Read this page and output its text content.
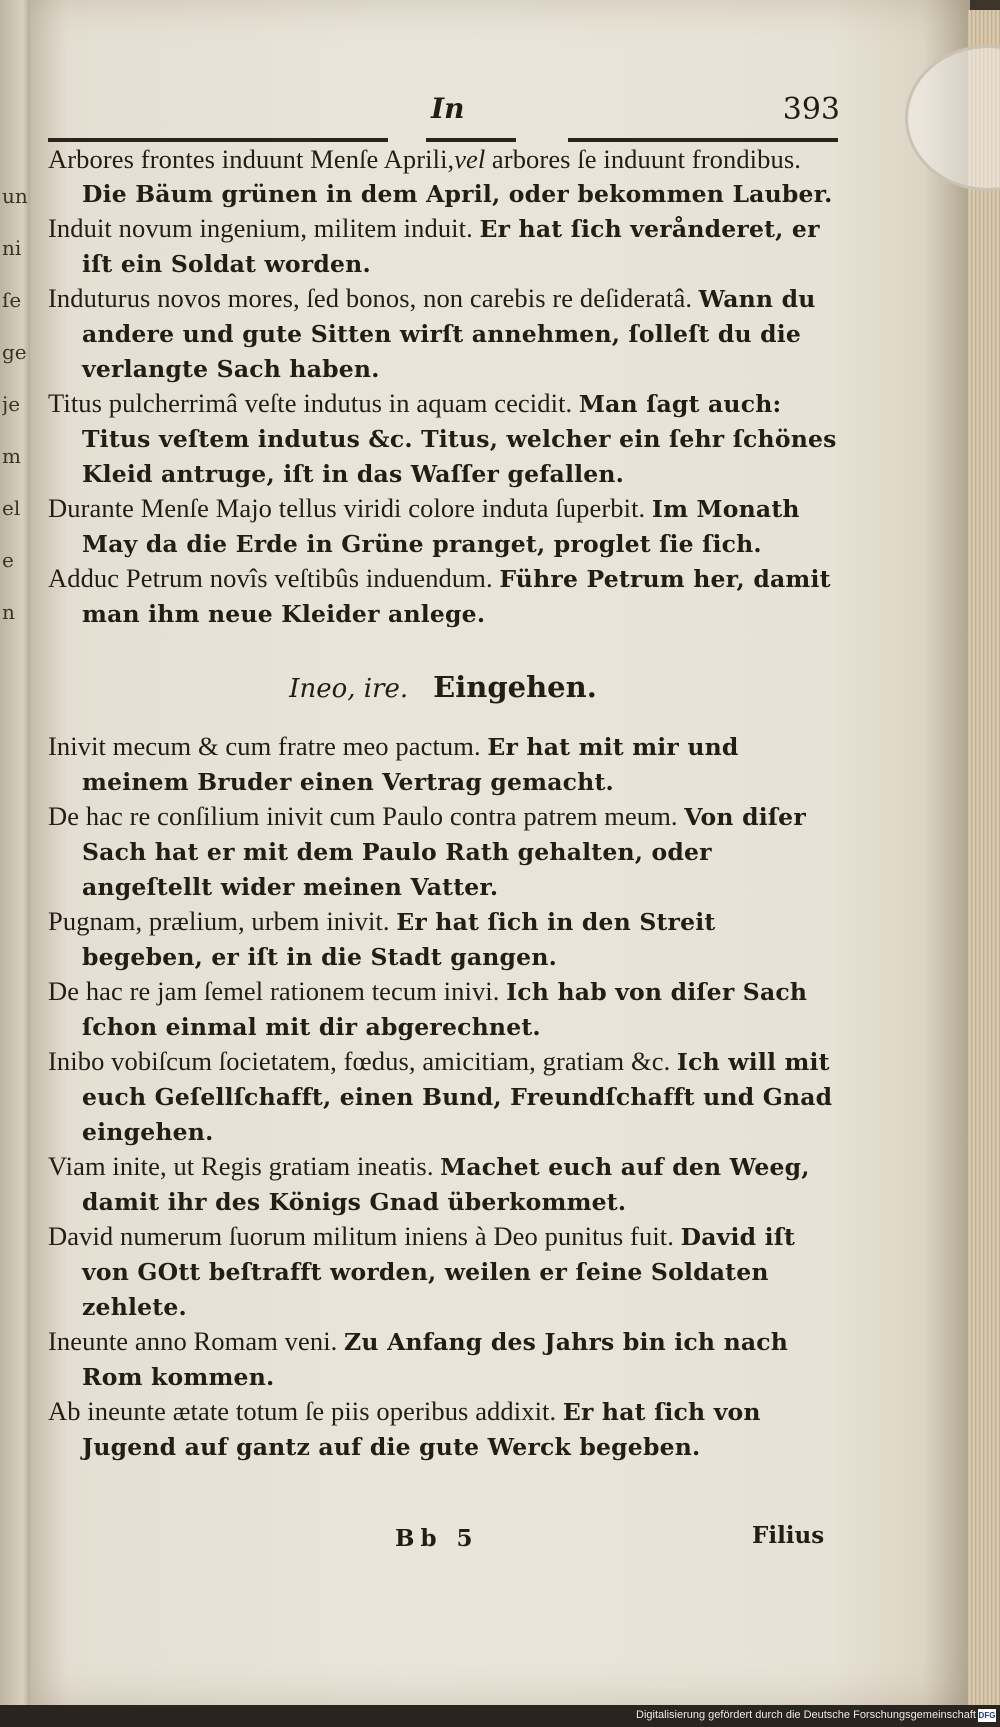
un
ni
ſe
ge
je
m
el
e
n
In	393

Arbores frontes induunt Menſe Aprili,vel arbores ſe induunt frondibus. Die Bäum grünen in dem April, oder bekommen Lauber.

Induit novum ingenium, militem induit. Er hat ſich verånderet, er iſt ein Soldat worden.

Induturus novos mores, ſed bonos, non carebis re deſideratâ. Wann du andere und gute Sitten wirſt annehmen, ſolleſt du die verlangte Sach haben.

Titus pulcherrimâ veſte indutus in aquam cecidit. Man ſagt auch: Titus veſtem indutus &c. Titus, welcher ein ſehr ſchönes Kleid antruge, iſt in das Waſſer gefallen.

Durante Menſe Majo tellus viridi colore induta ſuperbit. Im Monath May da die Erde in Grüne pranget, proglet ſie ſich.

Adduc Petrum novîs veſtibûs induendum. Führe Petrum her, damit man ihm neue Kleider anlege.

Ineo, ire. Eingehen.

Inivit mecum & cum fratre meo pactum. Er hat mit mir und meinem Bruder einen Vertrag gemacht.

De hac re conſilium inivit cum Paulo contra patrem meum. Von diſer Sach hat er mit dem Paulo Rath gehalten, oder angeſtellt wider meinen Vatter.

Pugnam, prælium, urbem inivit. Er hat ſich in den Streit begeben, er iſt in die Stadt gangen.

De hac re jam ſemel rationem tecum inivi. Ich hab von diſer Sach ſchon einmal mit dir abgerechnet.

Inibo vobiſcum ſocietatem, fœdus, amicitiam, gratiam &c. Ich will mit euch Geſellſchafft, einen Bund, Freundſchafft und Gnad eingehen.

Viam inite, ut Regis gratiam ineatis. Machet euch auf den Weeg, damit ihr des Königs Gnad überkommet.

David numerum ſuorum militum iniens à Deo punitus fuit. David iſt von GOtt beſtrafft worden, weilen er ſeine Soldaten zehlete.

Ineunte anno Romam veni. Zu Anfang des Jahrs bin ich nach Rom kommen.

Ab ineunte ætate totum ſe piis operibus addixit. Er hat ſich von Jugend auf gantz auf die gute Werck begeben.

Bb 5	Filius
Digitalisierung gefördert durch die Deutsche Forschungsgemeinschaft DFG
